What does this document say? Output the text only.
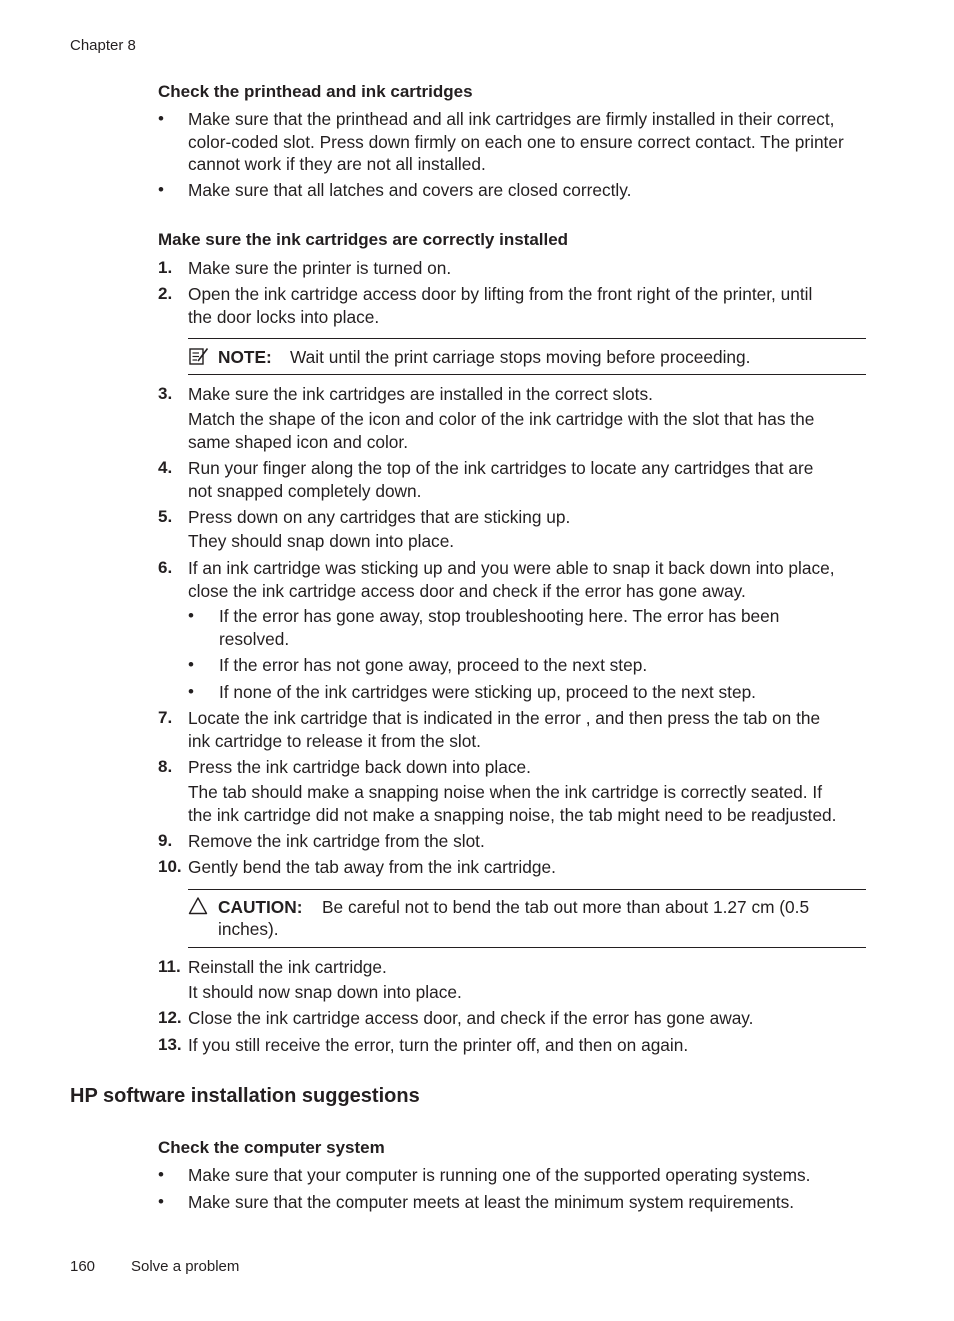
Chapter 8
Check the printhead and ink cartridges
• Make sure that the printhead and all ink cartridges are firmly installed in their correct,
color-coded slot. Press down firmly on each one to ensure correct contact. The printer
cannot work if they are not all installed.
• Make sure that all latches and covers are closed correctly.
Make sure the ink cartridges are correctly installed
1. Make sure the printer is turned on.
2. Open the ink cartridge access door by lifting from the front right of the printer, until
the door locks into place.
NOTE: Wait until the print carriage stops moving before proceeding.
3. Make sure the ink cartridges are installed in the correct slots.
Match the shape of the icon and color of the ink cartridge with the slot that has the
same shaped icon and color.
4. Run your finger along the top of the ink cartridges to locate any cartridges that are
not snapped completely down.
5. Press down on any cartridges that are sticking up.
They should snap down into place.
6. If an ink cartridge was sticking up and you were able to snap it back down into place,
close the ink cartridge access door and check if the error has gone away.
• If the error has gone away, stop troubleshooting here. The error has been
resolved.
• If the error has not gone away, proceed to the next step.
• If none of the ink cartridges were sticking up, proceed to the next step.
7. Locate the ink cartridge that is indicated in the error , and then press the tab on the
ink cartridge to release it from the slot.
8. Press the ink cartridge back down into place.
The tab should make a snapping noise when the ink cartridge is correctly seated. If
the ink cartridge did not make a snapping noise, the tab might need to be readjusted.
9. Remove the ink cartridge from the slot.
10. Gently bend the tab away from the ink cartridge.
CAUTION: Be careful not to bend the tab out more than about 1.27 cm (0.5
inches).
11. Reinstall the ink cartridge.
It should now snap down into place.
12. Close the ink cartridge access door, and check if the error has gone away.
13. If you still receive the error, turn the printer off, and then on again.
HP software installation suggestions
Check the computer system
• Make sure that your computer is running one of the supported operating systems.
• Make sure that the computer meets at least the minimum system requirements.
160 Solve a problem
